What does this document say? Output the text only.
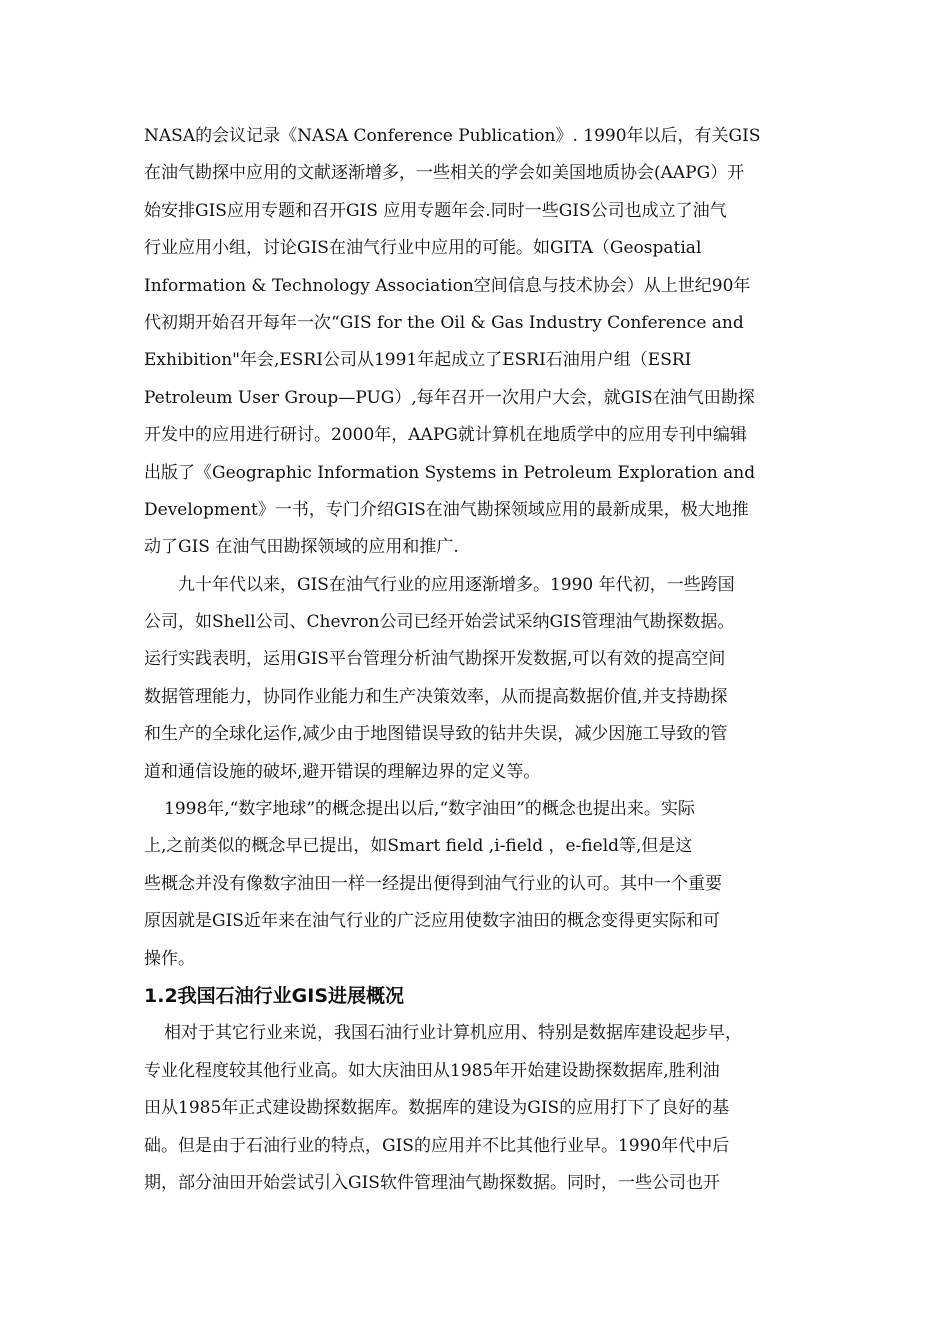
NASA的会议记录《NASA Conference Publication》. 1990年以后，有关GIS
在油气勘探中应用的文献逐渐增多，一些相关的学会如美国地质协会(AAPG）开
始安排GIS应用专题和召开GIS 应用专题年会.同时一些GIS公司也成立了油气
行业应用小组，讨论GIS在油气行业中应用的可能。如GITA（Geospatial
Information & Technology Association空间信息与技术协会）从上世纪90年
代初期开始召开每年一次“GIS for the Oil & Gas Industry Conference and
Exhibition"年会,ESRI公司从1991年起成立了ESRI石油用户组（ESRI
Petroleum User Group—PUG）,每年召开一次用户大会，就GIS在油气田勘探
开发中的应用进行研讨。2000年，AAPG就计算机在地质学中的应用专刊中编辑
出版了《Geographic Information Systems in Petroleum Exploration and
Development》一书，专门介绍GIS在油气勘探领域应用的最新成果，极大地推
动了GIS 在油气田勘探领域的应用和推广.
九十年代以来，GIS在油气行业的应用逐渐增多。1990 年代初，一些跨国
公司，如Shell公司、Chevron公司已经开始尝试采纳GIS管理油气勘探数据。
运行实践表明，运用GIS平台管理分析油气勘探开发数据,可以有效的提高空间
数据管理能力，协同作业能力和生产决策效率，从而提高数据价值,并支持勘探
和生产的全球化运作,减少由于地图错误导致的钻井失误，减少因施工导致的管
道和通信设施的破坏,避开错误的理解边界的定义等。
1998年,“数字地球”的概念提出以后,“数字油田”的概念也提出来。实际
上,之前类似的概念早已提出，如Smart field ,i-field ，e-field等,但是这
些概念并没有像数字油田一样一经提出便得到油气行业的认可。其中一个重要
原因就是GIS近年来在油气行业的广泛应用使数字油田的概念变得更实际和可
操作。
1.2我国石油行业GIS进展概况
相对于其它行业来说，我国石油行业计算机应用、特别是数据库建设起步早，
专业化程度较其他行业高。如大庆油田从1985年开始建设勘探数据库,胜利油
田从1985年正式建设勘探数据库。数据库的建设为GIS的应用打下了良好的基
础。但是由于石油行业的特点，GIS的应用并不比其他行业早。1990年代中后
期，部分油田开始尝试引入GIS软件管理油气勘探数据。同时，一些公司也开
